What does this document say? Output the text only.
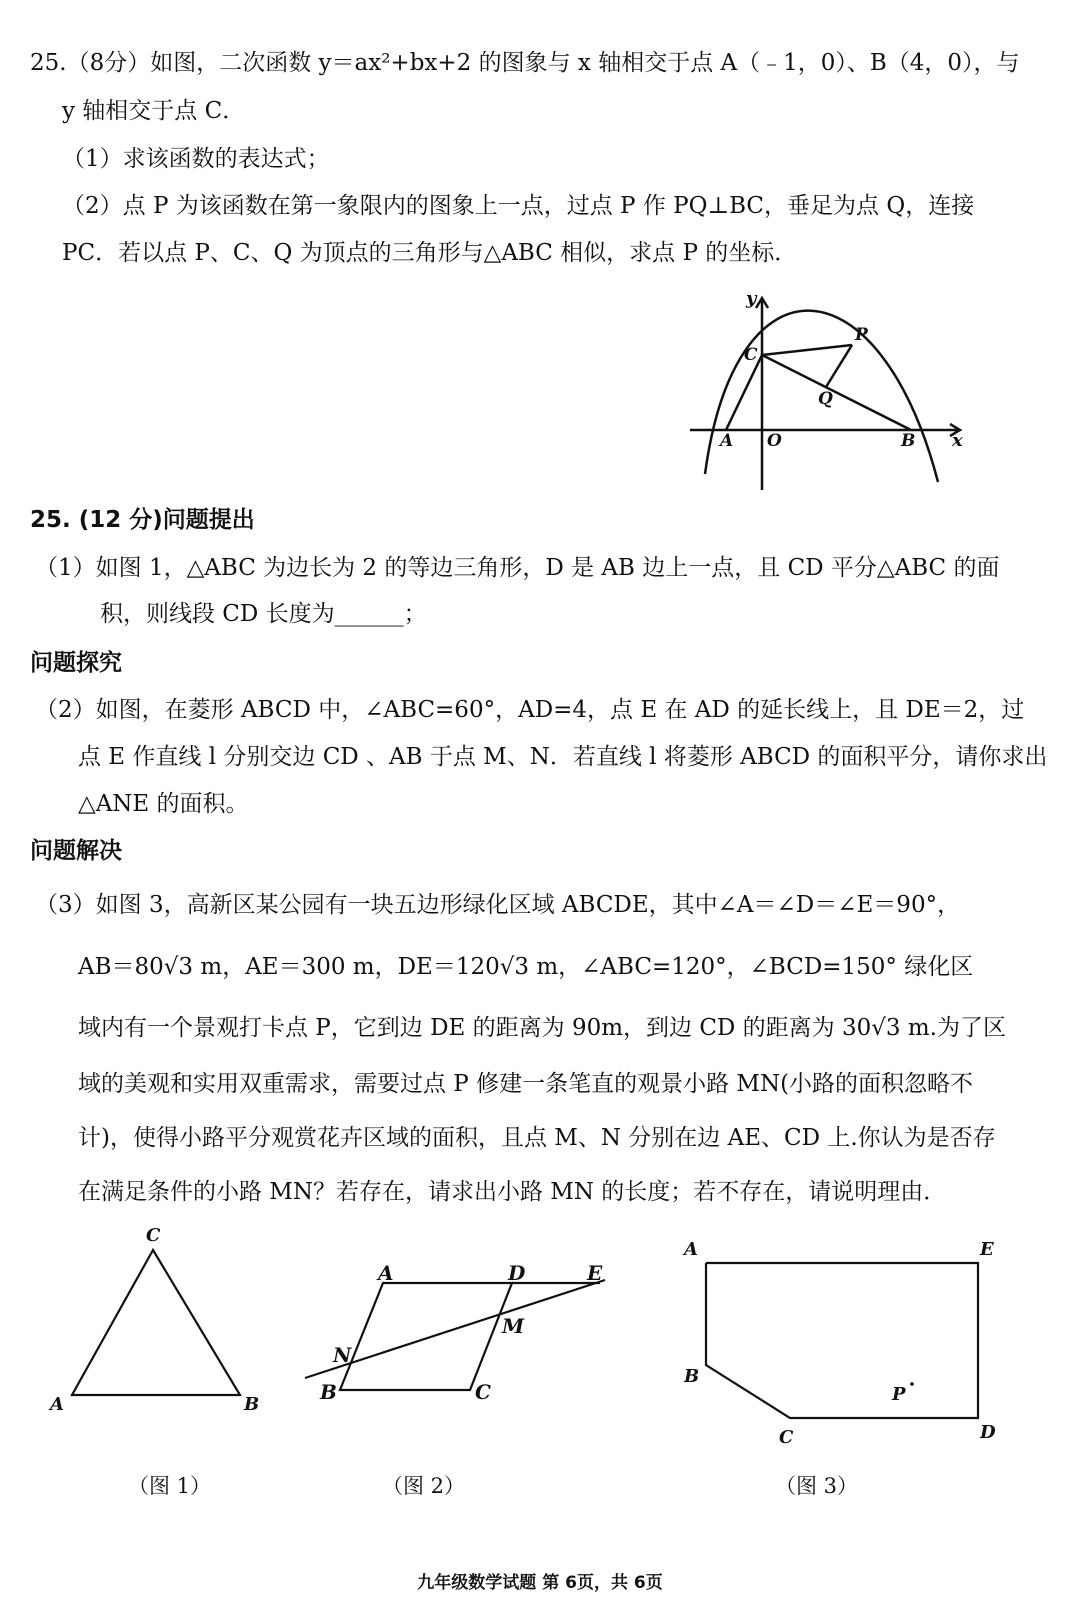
25.（8分）如图，二次函数 y＝ax²+bx+2 的图象与 x 轴相交于点 A（﹣1，0）、B（4，0），与
y 轴相交于点 C．
（1）求该函数的表达式；
（2）点 P 为该函数在第一象限内的图象上一点，过点 P 作 PQ⊥BC，垂足为点 Q，连接
PC．若以点 P、C、Q 为顶点的三角形与△ABC 相似，求点 P 的坐标．
y
x
C
P
Q
A O	B
25. (12 分)问题提出
（1）如图 1，△ABC 为边长为 2 的等边三角形，D 是 AB 边上一点，且 CD 平分△ABC 的面
积，则线段 CD 长度为______；
问题探究
（2）如图，在菱形 ABCD 中，∠ABC=60°，AD=4，点 E 在 AD 的延长线上，且 DE＝2，过
点 E 作直线 l 分别交边 CD 、AB 于点 M、N．若直线 l 将菱形 ABCD 的面积平分，请你求出
△ANE 的面积。
问题解决
（3）如图 3，高新区某公园有一块五边形绿化区域 ABCDE，其中∠A＝∠D＝∠E＝90°，
AB＝80√3 m，AE＝300 m，DE＝120√3 m，∠ABC=120°，∠BCD=150° 绿化区
域内有一个景观打卡点 P，它到边 DE 的距离为 90m，到边 CD 的距离为 30√3 m.为了区
域的美观和实用双重需求，需要过点 P 修建一条笔直的观景小路 MN(小路的面积忽略不
计)，使得小路平分观赏花卉区域的面积，且点 M、N 分别在边 AE、CD 上.你认为是否存
在满足条件的小路 MN？若存在，请求出小路 MN 的长度；若不存在，请说明理由．
C
A	B
A	D	E
M
N
B	C
A	E
B
P
C	D
（图 1）	（图 2）	（图 3）
九年级数学试题 第 6页，共 6页
